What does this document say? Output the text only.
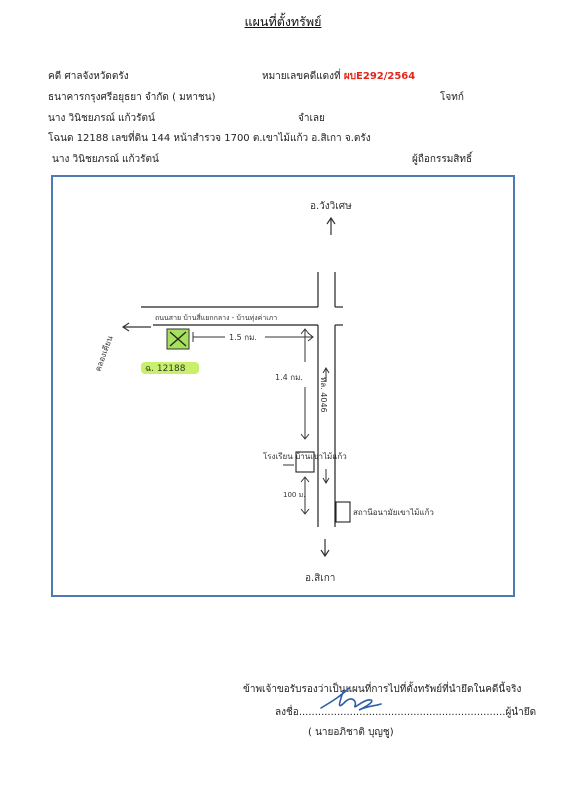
แผนที่ตั้งทรัพย์
คดี ศาลจังหวัดตรัง	หมายเลขคดีแดงที่ ผบE292/2564
ธนาคารกรุงศรีอยุธยา จำกัด ( มหาชน)	โจทก์
นาง วินิชยภรณ์ แก้วรัตน์	จำเลย
โฉนด 12188 เลขที่ดิน 144 หน้าสำรวจ 1700 ต.เขาไม้แก้ว อ.สิเกา จ.ตรัง
นาง วินิชยภรณ์ แก้วรัตน์	ผู้ถือกรรมสิทธิ์
อ.วังวิเศษ
ถนนสาย บ้านสี่แยกกลาง - บ้านทุ่งค่าเภา
คลองเคียน	ฉ. 12188
1.5 กม.
1.4 กม. ทล. 4046
โรงเรียน บ้านเขาไม้แก้ว
100 ม.
สถานีอนามัยเขาไม้แก้ว
อ.สิเกา
ข้าพเจ้าขอรับรองว่าเป็นแผนที่การไปที่ตั้งทรัพย์ที่นำยึดในคดีนี้จริง
ลงชื่อ.................................................................ผู้นำยึด
( นายอภิชาติ บุญชู)
